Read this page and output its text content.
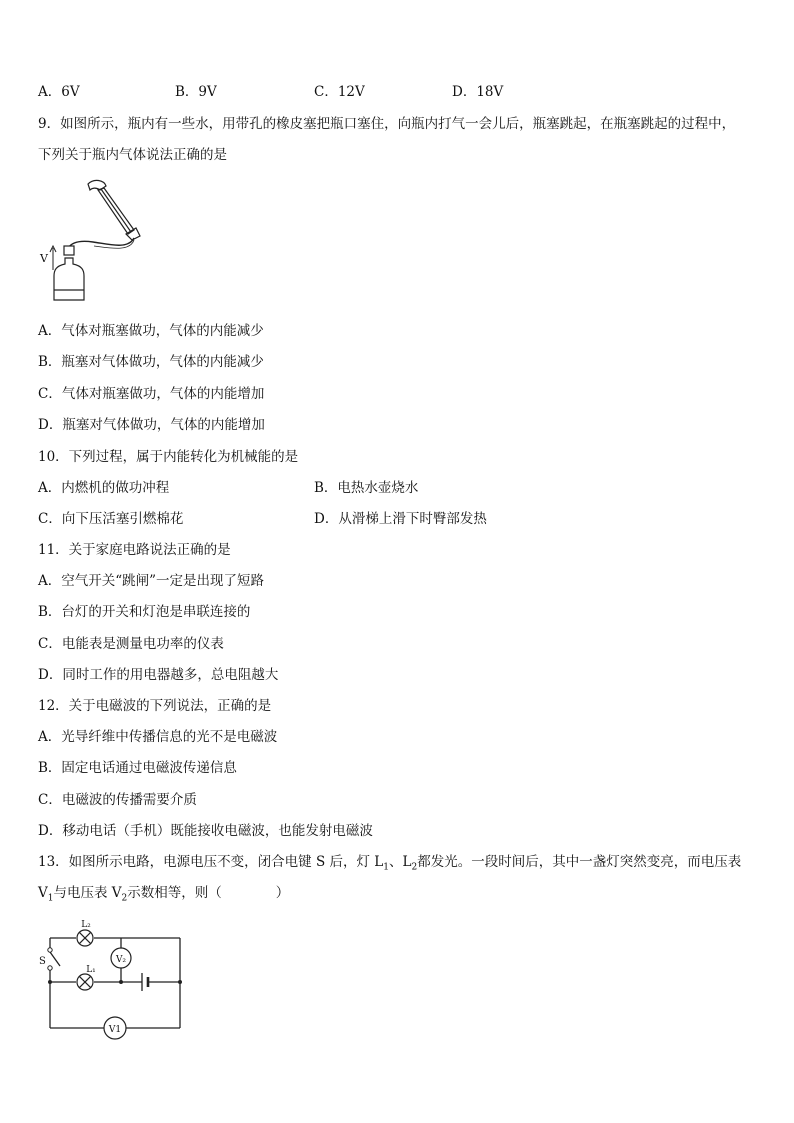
A．6V	B．9V	C．12V	D．18V
9．如图所示，瓶内有一些水，用带孔的橡皮塞把瓶口塞住，向瓶内打气一会儿后，瓶塞跳起，在瓶塞跳起的过程中，
下列关于瓶内气体说法正确的是
V
A．气体对瓶塞做功，气体的内能减少
B．瓶塞对气体做功，气体的内能减少
C．气体对瓶塞做功，气体的内能增加
D．瓶塞对气体做功，气体的内能增加
10．下列过程，属于内能转化为机械能的是
A．内燃机的做功冲程	B．电热水壶烧水
C．向下压活塞引燃棉花	D．从滑梯上滑下时臀部发热
11．关于家庭电路说法正确的是
A．空气开关“跳闸”一定是出现了短路
B．台灯的开关和灯泡是串联连接的
C．电能表是测量电功率的仪表
D．同时工作的用电器越多，总电阻越大
12．关于电磁波的下列说法，正确的是
A．光导纤维中传播信息的光不是电磁波
B．固定电话通过电磁波传递信息
C．电磁波的传播需要介质
D．移动电话（手机）既能接收电磁波，也能发射电磁波
13．如图所示电路，电源电压不变，闭合电键 S 后，灯 $L_1$、$L_2$都发光。一段时间后，其中一盏灯突然变亮，而电压表
$V_1$与电压表 $V_2$示数相等，则（　　　　）
L₂
L₁
S	V₂
V1
